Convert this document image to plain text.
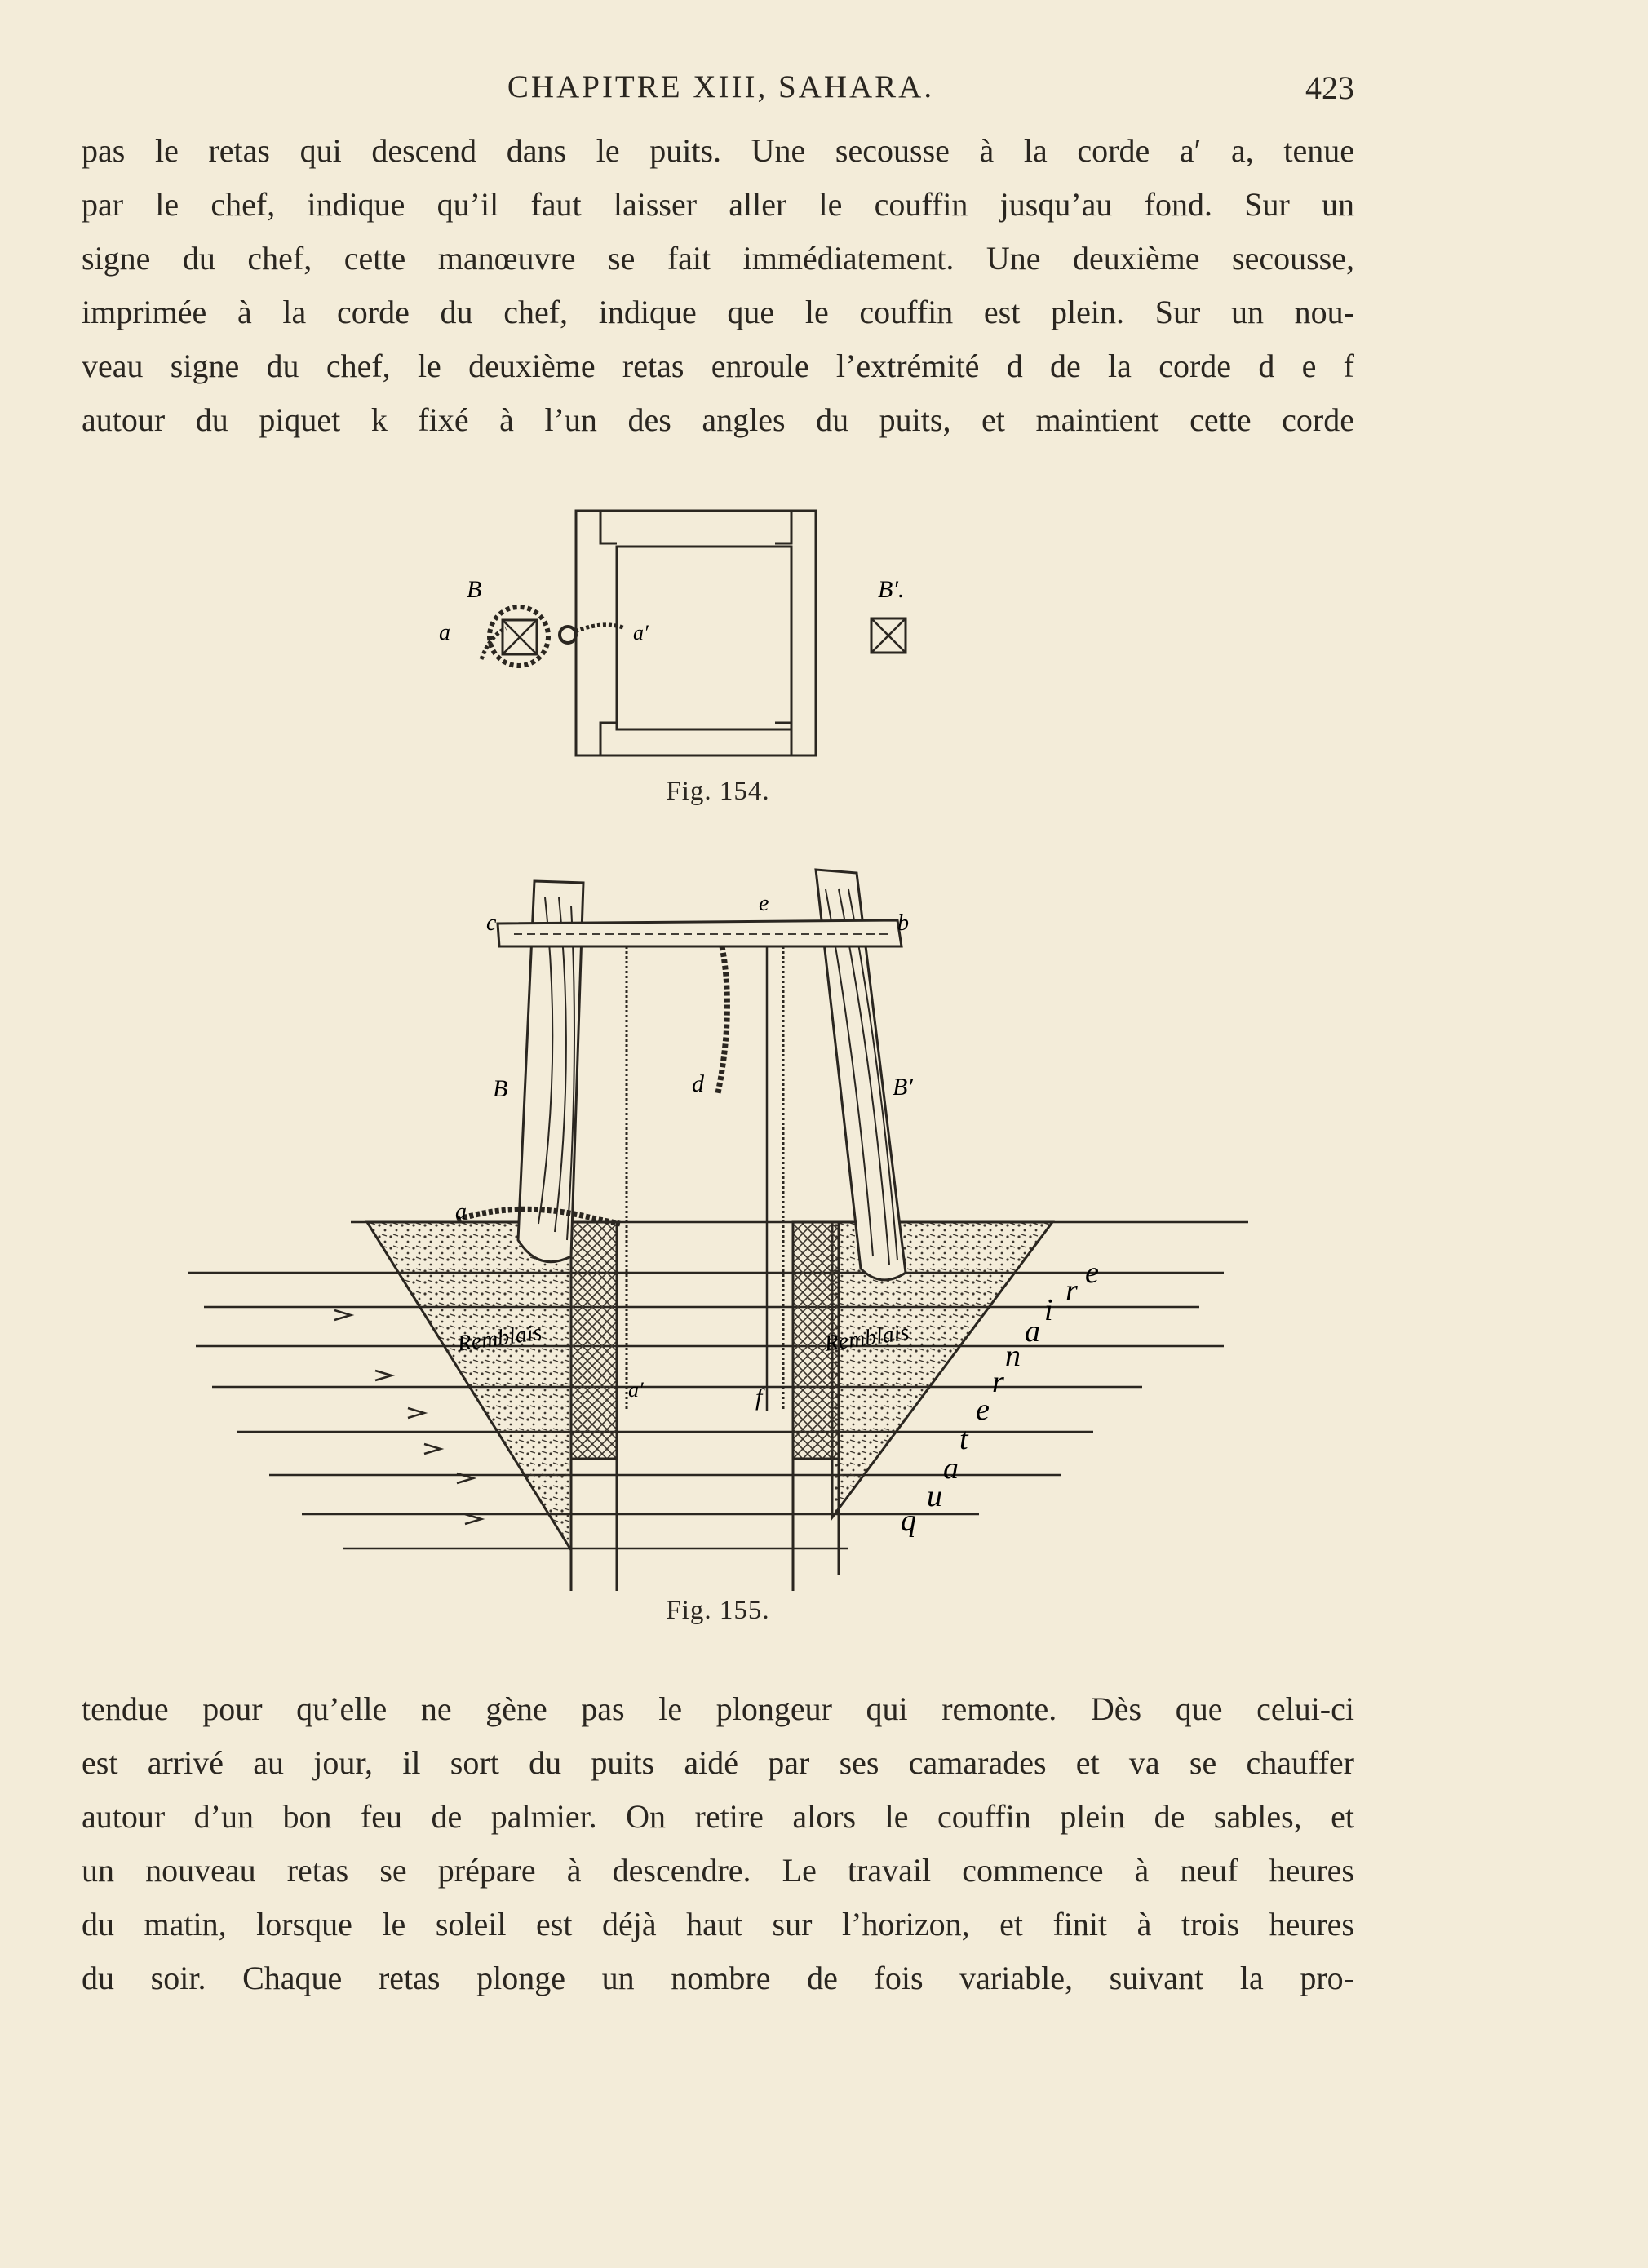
CHAPITRE XIII, SAHARA.	423
pas le retas qui descend dans le puits. Une secousse à la corde a′ a, tenue
par le chef, indique qu’il faut laisser aller le couffin jusqu’au fond. Sur un
signe du chef, cette manœuvre se fait immédiatement. Une deuxième secousse,
imprimée à la corde du chef, indique que le couffin est plein. Sur un nou-
veau signe du chef, le deuxième retas enroule l’extrémité d de la corde d e f
autour du piquet k fixé à l’un des angles du puits, et maintient cette corde
B	B′.
a	a′
c	b
e
d
B	B′
a
a′	f
Remblais	Remblais
q
u
a
t
e
r
n
a
i
r
e
Fig. 154.
Fig. 155.
tendue pour qu’elle ne gène pas le plongeur qui remonte. Dès que celui-ci
est arrivé au jour, il sort du puits aidé par ses camarades et va se chauffer
autour d’un bon feu de palmier. On retire alors le couffin plein de sables, et
un nouveau retas se prépare à descendre. Le travail commence à neuf heures
du matin, lorsque le soleil est déjà haut sur l’horizon, et finit à trois heures
du soir. Chaque retas plonge un nombre de fois variable, suivant la pro-
